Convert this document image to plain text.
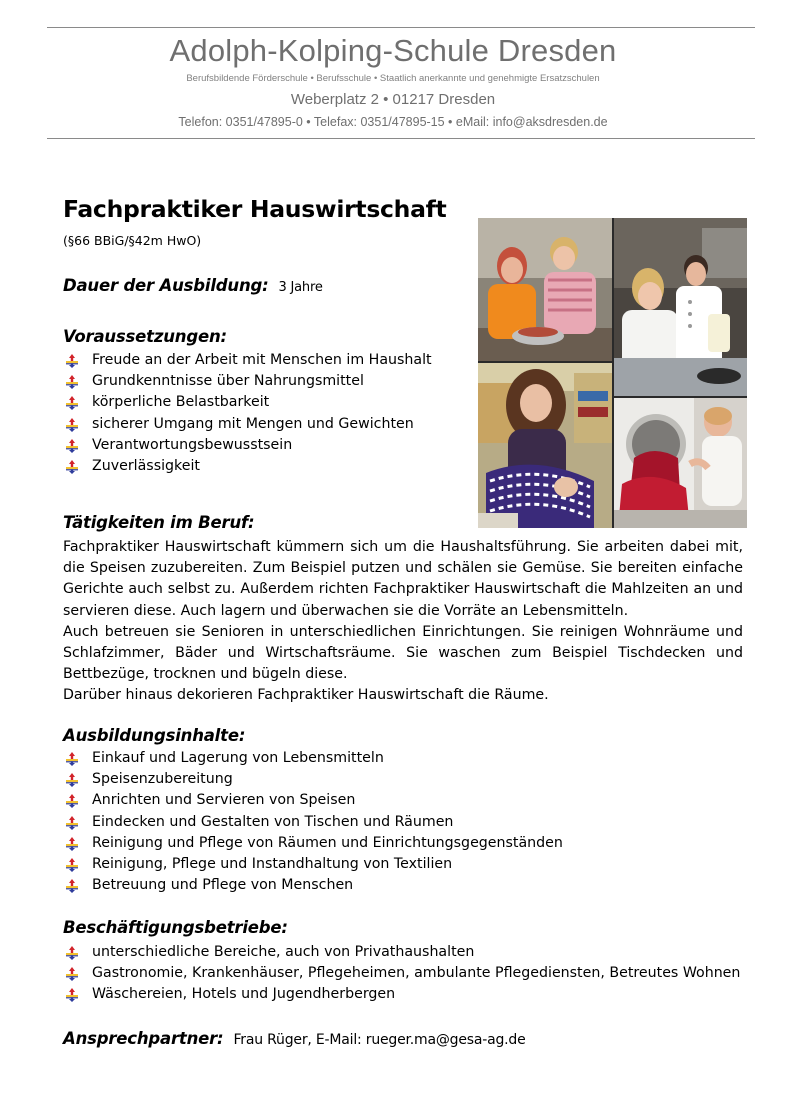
Adolph-Kolping-Schule Dresden
Berufsbildende Förderschule • Berufsschule • Staatlich anerkannte und genehmigte Ersatzschulen
Weberplatz 2 • 01217 Dresden
Telefon: 0351/47895-0 • Telefax: 0351/47895-15 • eMail: info@aksdresden.de
Fachpraktiker Hauswirtschaft
(§66 BBiG/§42m HwO)
Dauer der Ausbildung: 3 Jahre
Voraussetzungen:
Freude an der Arbeit mit Menschen im Haushalt
Grundkenntnisse über Nahrungsmittel
körperliche Belastbarkeit
sicherer Umgang mit Mengen und Gewichten
Verantwortungsbewusstsein
Zuverlässigkeit
Tätigkeiten im Beruf:

Fachpraktiker Hauswirtschaft kümmern sich um die Haushaltsführung. Sie arbeiten dabei mit, die Speisen zuzubereiten. Zum Beispiel putzen und schälen sie Gemüse. Sie bereiten einfache Gerichte auch selbst zu. Außerdem richten Fachpraktiker Hauswirtschaft die Mahlzeiten an und servieren diese. Auch lagern und überwachen sie die Vorräte an Lebensmitteln.

Auch betreuen sie Senioren in unterschiedlichen Einrichtungen. Sie reinigen Wohnräume und Schlafzimmer, Bäder und Wirtschaftsräume. Sie waschen zum Beispiel Tischdecken und Bettbezüge, trocknen und bügeln diese.

Darüber hinaus dekorieren Fachpraktiker Hauswirtschaft die Räume.

Ausbildungsinhalte:
Einkauf und Lagerung von Lebensmitteln
Speisenzubereitung
Anrichten und Servieren von Speisen
Eindecken und Gestalten von Tischen und Räumen
Reinigung und Pflege von Räumen und Einrichtungsgegenständen
Reinigung, Pflege und Instandhaltung von Textilien
Betreuung und Pflege von Menschen
Beschäftigungsbetriebe:
unterschiedliche Bereiche, auch von Privathaushalten
Gastronomie, Krankenhäuser, Pflegeheimen, ambulante Pflegediensten, Betreutes Wohnen
Wäschereien, Hotels und Jugendherbergen
Ansprechpartner: Frau Rüger, E-Mail: rueger.ma@gesa-ag.de
